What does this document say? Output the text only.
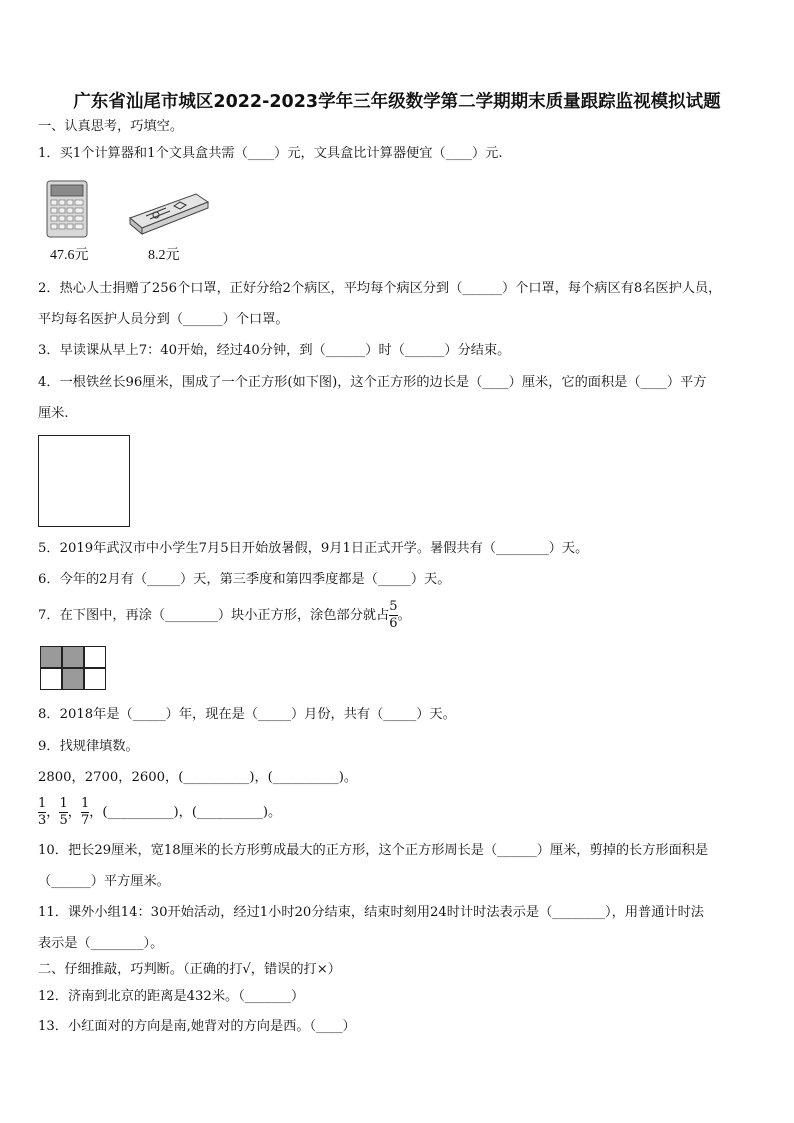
广东省汕尾市城区2022-2023学年三年级数学第二学期期末质量跟踪监视模拟试题
一、认真思考，巧填空。
1．买1个计算器和1个文具盒共需（____）元，文具盒比计算器便宜（____）元.
47.6元	8.2元
2．热心人士捐赠了256个口罩，正好分给2个病区，平均每个病区分到（______）个口罩，每个病区有8名医护人员，
平均每名医护人员分到（______）个口罩。
3．早读课从早上7：40开始，经过40分钟，到（______）时（______）分结束。
4．一根铁丝长96厘米，围成了一个正方形(如下图)，这个正方形的边长是（____）厘米，它的面积是（____）平方
厘米.
5．2019年武汉市中小学生7月5日开始放暑假，9月1日正式开学。暑假共有（________）天。
6．今年的2月有（_____）天，第三季度和第四季度都是（_____）天。
7．在下图中，再涂（________）块小正方形，涂色部分就占 $\frac{5}{6}$ 。
8．2018年是（_____）年，现在是（_____）月份，共有（_____）天。
9．找规律填数。
2800，2700，2600，(__________)，(__________)。
$\frac{1}{3}$ ， $\frac{1}{5}$ ， $\frac{1}{7}$ ，(__________)，(__________)。
10．把长29厘米，宽18厘米的长方形剪成最大的正方形，这个正方形周长是（______）厘米，剪掉的长方形面积是
（______）平方厘米。
11．课外小组14：30开始活动，经过1小时20分结束，结束时刻用24时计时法表示是（________），用普通计时法
表示是（________）。
二、仔细推敲，巧判断。（正确的打√，错误的打×）
12．济南到北京的距离是432米。（_______）
13．小红面对的方向是南,她背对的方向是西。（____）
